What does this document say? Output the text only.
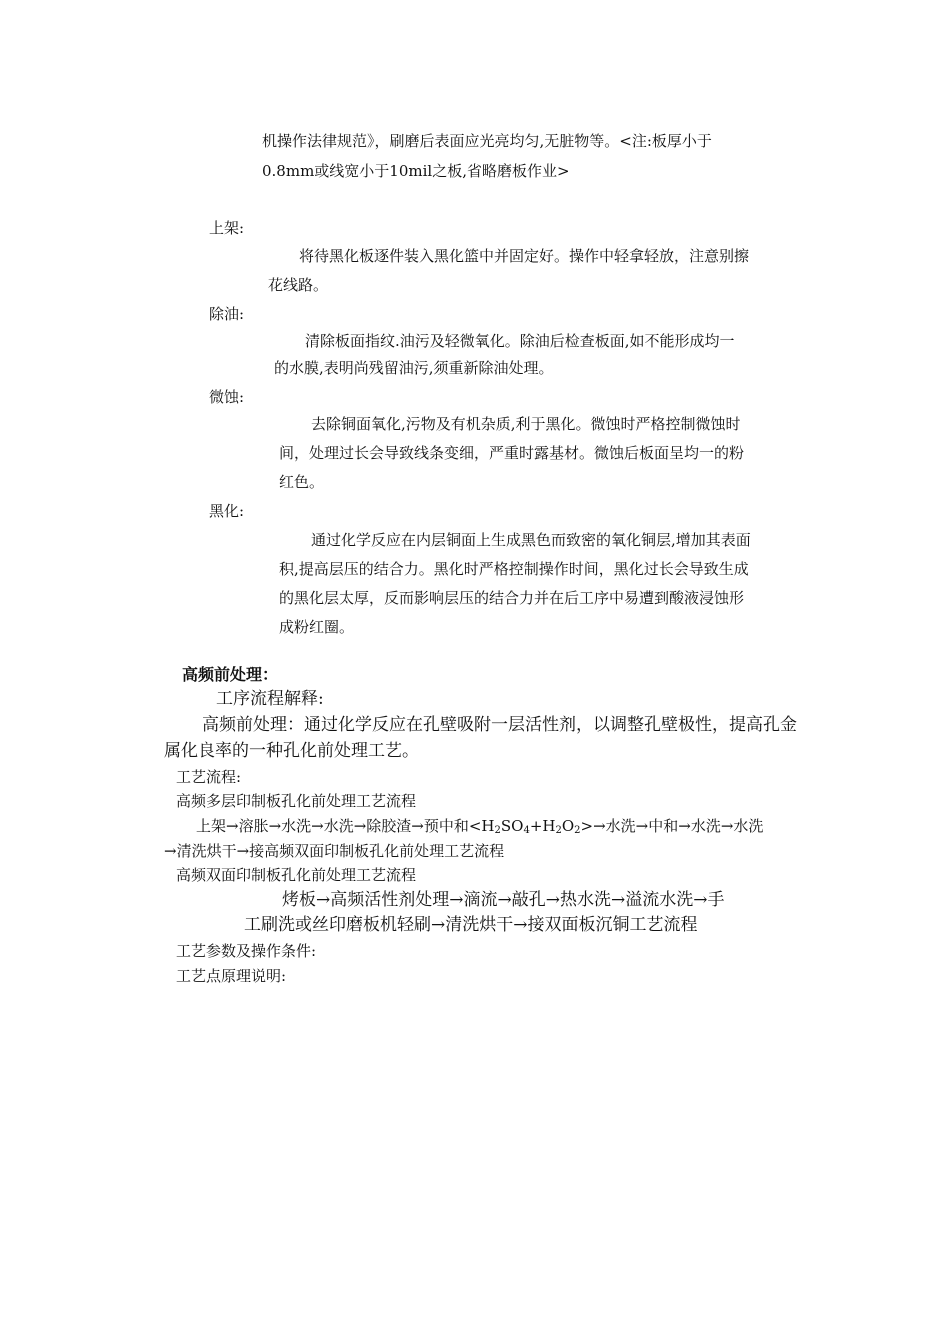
机操作法律规范》，刷磨后表面应光亮均匀,无脏物等。<注:板厚小于
0.8mm或线宽小于10mil之板,省略磨板作业>
上架:
将待黑化板逐件装入黑化篮中并固定好。操作中轻拿轻放，注意别擦
花线路。
除油:
清除板面指纹.油污及轻微氧化。除油后检查板面,如不能形成均一
的水膜,表明尚残留油污,须重新除油处理。
微蚀:
去除铜面氧化,污物及有机杂质,利于黑化。微蚀时严格控制微蚀时
间，处理过长会导致线条变细，严重时露基材。微蚀后板面呈均一的粉
红色。
黑化:
通过化学反应在内层铜面上生成黑色而致密的氧化铜层,增加其表面
积,提高层压的结合力。黑化时严格控制操作时间，黑化过长会导致生成
的黑化层太厚，反而影响层压的结合力并在后工序中易遭到酸液浸蚀形
成粉红圈。
高频前处理：
工序流程解释:
高频前处理：通过化学反应在孔壁吸附一层活性剂，以调整孔壁极性，提高孔金
属化良率的一种孔化前处理工艺。
工艺流程:
高频多层印制板孔化前处理工艺流程
上架→溶胀→水洗→水洗→除胶渣→预中和$<H_2SO_4+H_2O_2>\to$水洗→中和→水洗→水洗
→清洗烘干→接高频双面印制板孔化前处理工艺流程
高频双面印制板孔化前处理工艺流程
烤板→高频活性剂处理→滴流→敲孔→热水洗→溢流水洗→手
工刷洗或丝印磨板机轻刷→清洗烘干→接双面板沉铜工艺流程
工艺参数及操作条件:
工艺点原理说明:
